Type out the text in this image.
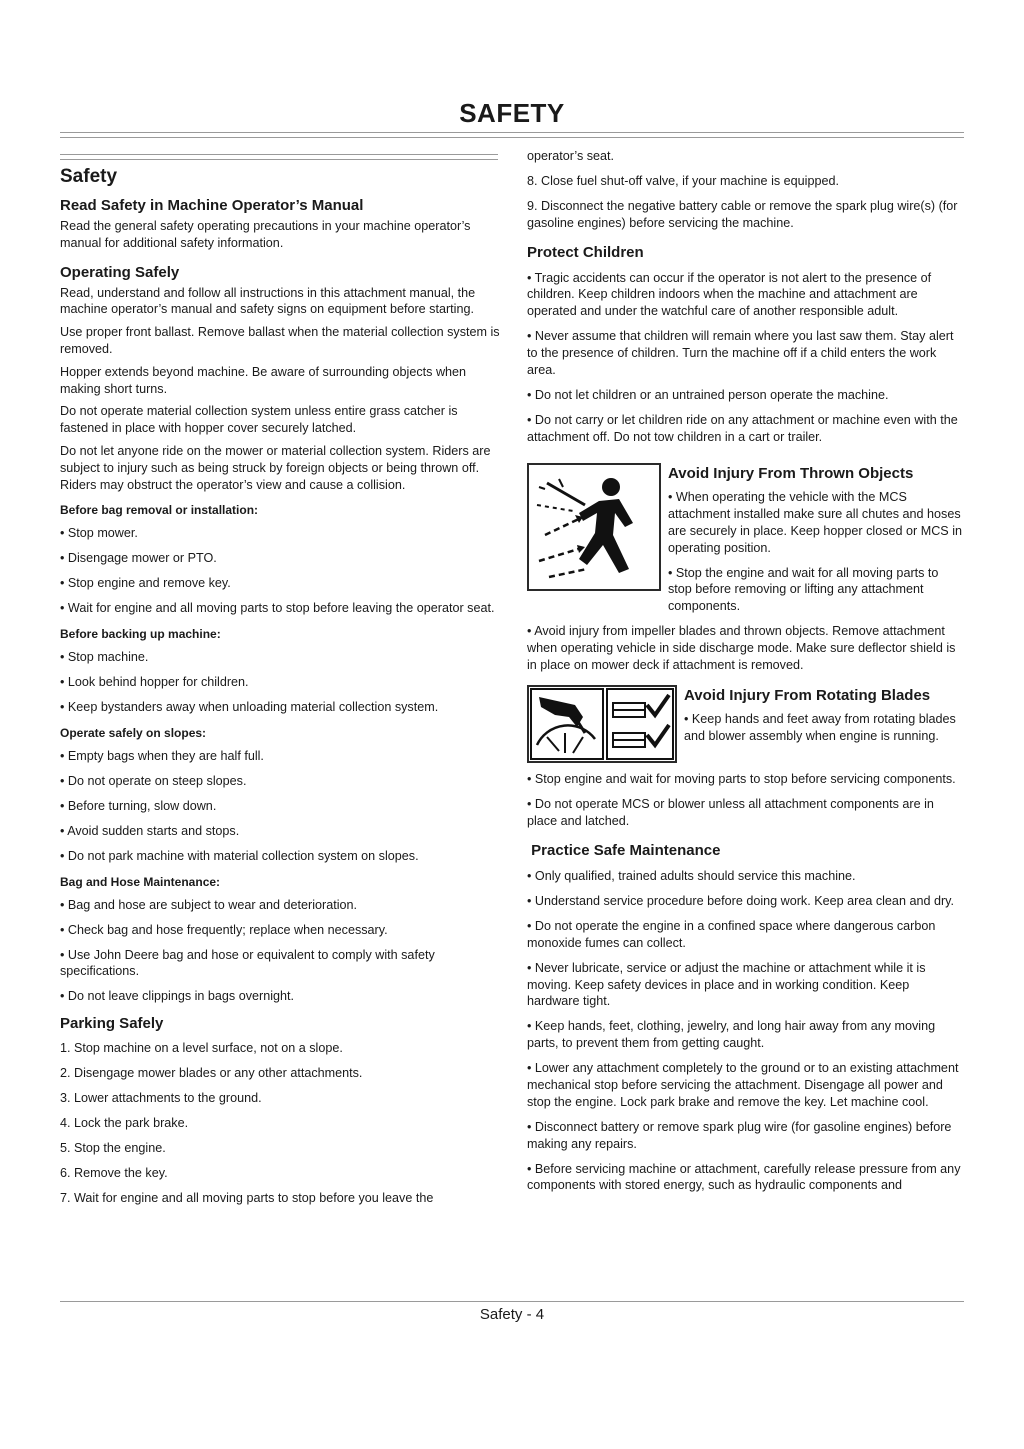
SAFETY
Safety
Read Safety in Machine Operator’s Manual

Read the general safety operating precautions in your machine operator’s manual for additional safety information.

Operating Safely

Read, understand and follow all instructions in this attachment manual, the machine operator’s manual and safety signs on equipment before starting.

Use proper front ballast. Remove ballast when the material collection system is removed.

Hopper extends beyond machine. Be aware of surrounding objects when making short turns.

Do not operate material collection system unless entire grass catcher is fastened in place with hopper cover securely latched.

Do not let anyone ride on the mower or material collection system. Riders are subject to injury such as being struck by foreign objects or being thrown off. Riders may obstruct the operator’s view and cause a collision.

Before bag removal or installation:

• Stop mower.

• Disengage mower or PTO.

• Stop engine and remove key.

• Wait for engine and all moving parts to stop before leaving the operator seat.

Before backing up machine:

• Stop machine.

• Look behind hopper for children.

• Keep bystanders away when unloading material collection system.

Operate safely on slopes:

• Empty bags when they are half full.

• Do not operate on steep slopes.

• Before turning, slow down.

• Avoid sudden starts and stops.

• Do not park machine with material collection system on slopes.

Bag and Hose Maintenance:

• Bag and hose are subject to wear and deterioration.

• Check bag and hose frequently; replace when necessary.

• Use John Deere bag and hose or equivalent to comply with safety specifications.

• Do not leave clippings in bags overnight.

Parking Safely

1. Stop machine on a level surface, not on a slope.

2. Disengage mower blades or any other attachments.

3. Lower attachments to the ground.

4. Lock the park brake.

5. Stop the engine.

6. Remove the key.

7. Wait for engine and all moving parts to stop before you leave the

operator’s seat.

8. Close fuel shut-off valve, if your machine is equipped.

9. Disconnect the negative battery cable or remove the spark plug wire(s) (for gasoline engines) before servicing the machine.

Protect Children

• Tragic accidents can occur if the operator is not alert to the presence of children. Keep children indoors when the machine and attachment are operated and under the watchful care of another responsible adult.

• Never assume that children will remain where you last saw them. Stay alert to the presence of children. Turn the machine off if a child enters the work area.

• Do not let children or an untrained person operate the machine.

• Do not carry or let children ride on any attachment or machine even with the attachment off. Do not tow children in a cart or trailer.

Avoid Injury From Thrown Objects

• When operating the vehicle with the MCS attachment installed make sure all chutes and hoses are securely in place. Keep hopper closed or MCS in operating position.

• Stop the engine and wait for all moving parts to stop before removing or lifting any attachment components.

• Avoid injury from impeller blades and thrown objects. Remove attachment when operating vehicle in side discharge mode. Make sure deflector shield is in place on mower deck if attachment is removed.

Avoid Injury From Rotating Blades

• Keep hands and feet away from rotating blades and blower assembly when engine is running.

• Stop engine and wait for moving parts to stop before servicing components.

• Do not operate MCS or blower unless all attachment components are in place and latched.

Practice Safe Maintenance

• Only qualified, trained adults should service this machine.

• Understand service procedure before doing work. Keep area clean and dry.

• Do not operate the engine in a confined space where dangerous carbon monoxide fumes can collect.

• Never lubricate, service or adjust the machine or attachment while it is moving. Keep safety devices in place and in working condition. Keep hardware tight.

• Keep hands, feet, clothing, jewelry, and long hair away from any moving parts, to prevent them from getting caught.

• Lower any attachment completely to the ground or to an existing attachment mechanical stop before servicing the attachment. Disengage all power and stop the engine. Lock park brake and remove the key. Let machine cool.

• Disconnect battery or remove spark plug wire (for gasoline engines) before making any repairs.

• Before servicing machine or attachment, carefully release pressure from any components with stored energy, such as hydraulic components and

Safety - 4
